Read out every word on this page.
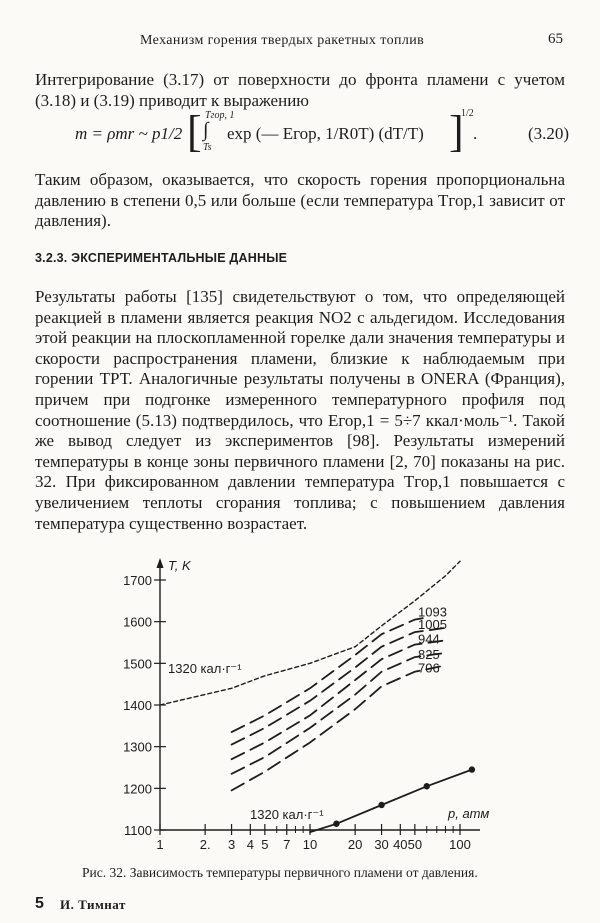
Механизм горения твердых ракетных топлив	65
Интегрирование (3.17) от поверхности до фронта пламени с учетом (3.18) и (3.19) приводит к выражению
m = ρтr ~ p1/2 [ Tгор, 1
∫
Ts
exp (— Eгор, 1/R0T) (dT/T) ]
1/2
.	(3.20)
Таким образом, оказывается, что скорость горения пропорциональна давлению в степени 0,5 или больше (если температура Tгор,1 зависит от давления).
3.2.3. ЭКСПЕРИМЕНТАЛЬНЫЕ ДАННЫЕ
Результаты работы [135] свидетельствуют о том, что определяющей реакцией в пламени является реакция NO2 с альдегидом. Исследования этой реакции на плоскопламенной горелке дали значения температуры и скорости распространения пламени, близкие к наблюдаемым при горении ТРТ. Аналогичные результаты получены в ONERA (Франция), причем при подгонке измеренного температурного профиля под соотношение (5.13) подтвердилось, что Eгор,1 = 5÷7 ккал·моль⁻¹. Такой же вывод следует из экспериментов [98]. Результаты измерений температуры в конце зоны первичного пламени [2, 70] показаны на рис. 32. При фиксированном давлении температура Tгор,1 повышается с увеличением теплоты сгорания топлива; с повышением давления температура существенно возрастает.
1100
1200
1300
1400
1500
1600
1700
1	2. 3 4 5 7 10 20 30 40 50 100
T, K
p, атм
1093
1005
944
825
706
1320 кал·г⁻¹
1320 кал·г⁻¹
Рис. 32. Зависимость температуры первичного пламени от давления.
5 И. Тимнат
